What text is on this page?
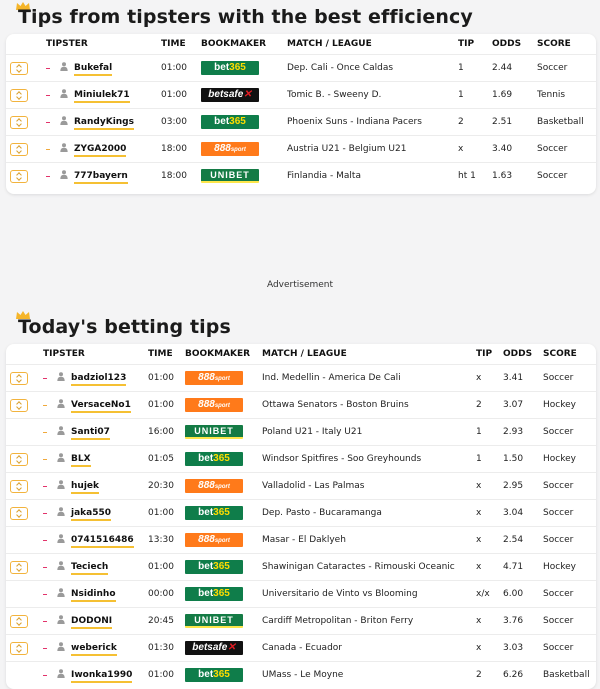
Tips from tipsters with the best efficiency
	TIPSTER	TIME	BOOKMAKER	MATCH / LEAGUE	TIP	ODDS	SCORE
	Bukefal	01:00	bet365	Dep. Cali - Once Caldas	1	2.44	Soccer
	Miniulek71	01:00	betsafe✕	Tomic B. - Sweeny D.	1	1.69	Tennis
	RandyKings	03:00	bet365	Phoenix Suns - Indiana Pacers	2	2.51	Basketball
	ZYGA2000	18:00	888sport	Austria U21 - Belgium U21	x	3.40	Soccer
	777bayern	18:00	UNIBET	Finlandia - Malta	ht 1	1.63	Soccer
Advertisement
Today's betting tips
	TIPSTER	TIME	BOOKMAKER	MATCH / LEAGUE	TIP	ODDS	SCORE
	badziol123	01:00	888sport	Ind. Medellin - America De Cali	x	3.41	Soccer
	VersaceNo1	01:00	888sport	Ottawa Senators - Boston Bruins	2	3.07	Hockey
	Santi07	16:00	UNIBET	Poland U21 - Italy U21	1	2.93	Soccer
	BLX	01:05	bet365	Windsor Spitfires - Soo Greyhounds	1	1.50	Hockey
	hujek	20:30	888sport	Valladolid - Las Palmas	x	2.95	Soccer
	jaka550	01:00	bet365	Dep. Pasto - Bucaramanga	x	3.04	Soccer
	0741516486	13:30	888sport	Masar - El Daklyeh	x	2.54	Soccer
	Teciech	01:00	bet365	Shawinigan Cataractes - Rimouski Oceanic	x	4.71	Hockey
	Nsidinho	00:00	bet365	Universitario de Vinto vs Blooming	x/x	6.00	Soccer
	DODONI	20:45	UNIBET	Cardiff Metropolitan - Briton Ferry	x	3.76	Soccer
	weberick	01:30	betsafe✕	Canada - Ecuador	x	3.03	Soccer
	Iwonka1990	01:00	bet365	UMass - Le Moyne	2	6.26	Basketball
